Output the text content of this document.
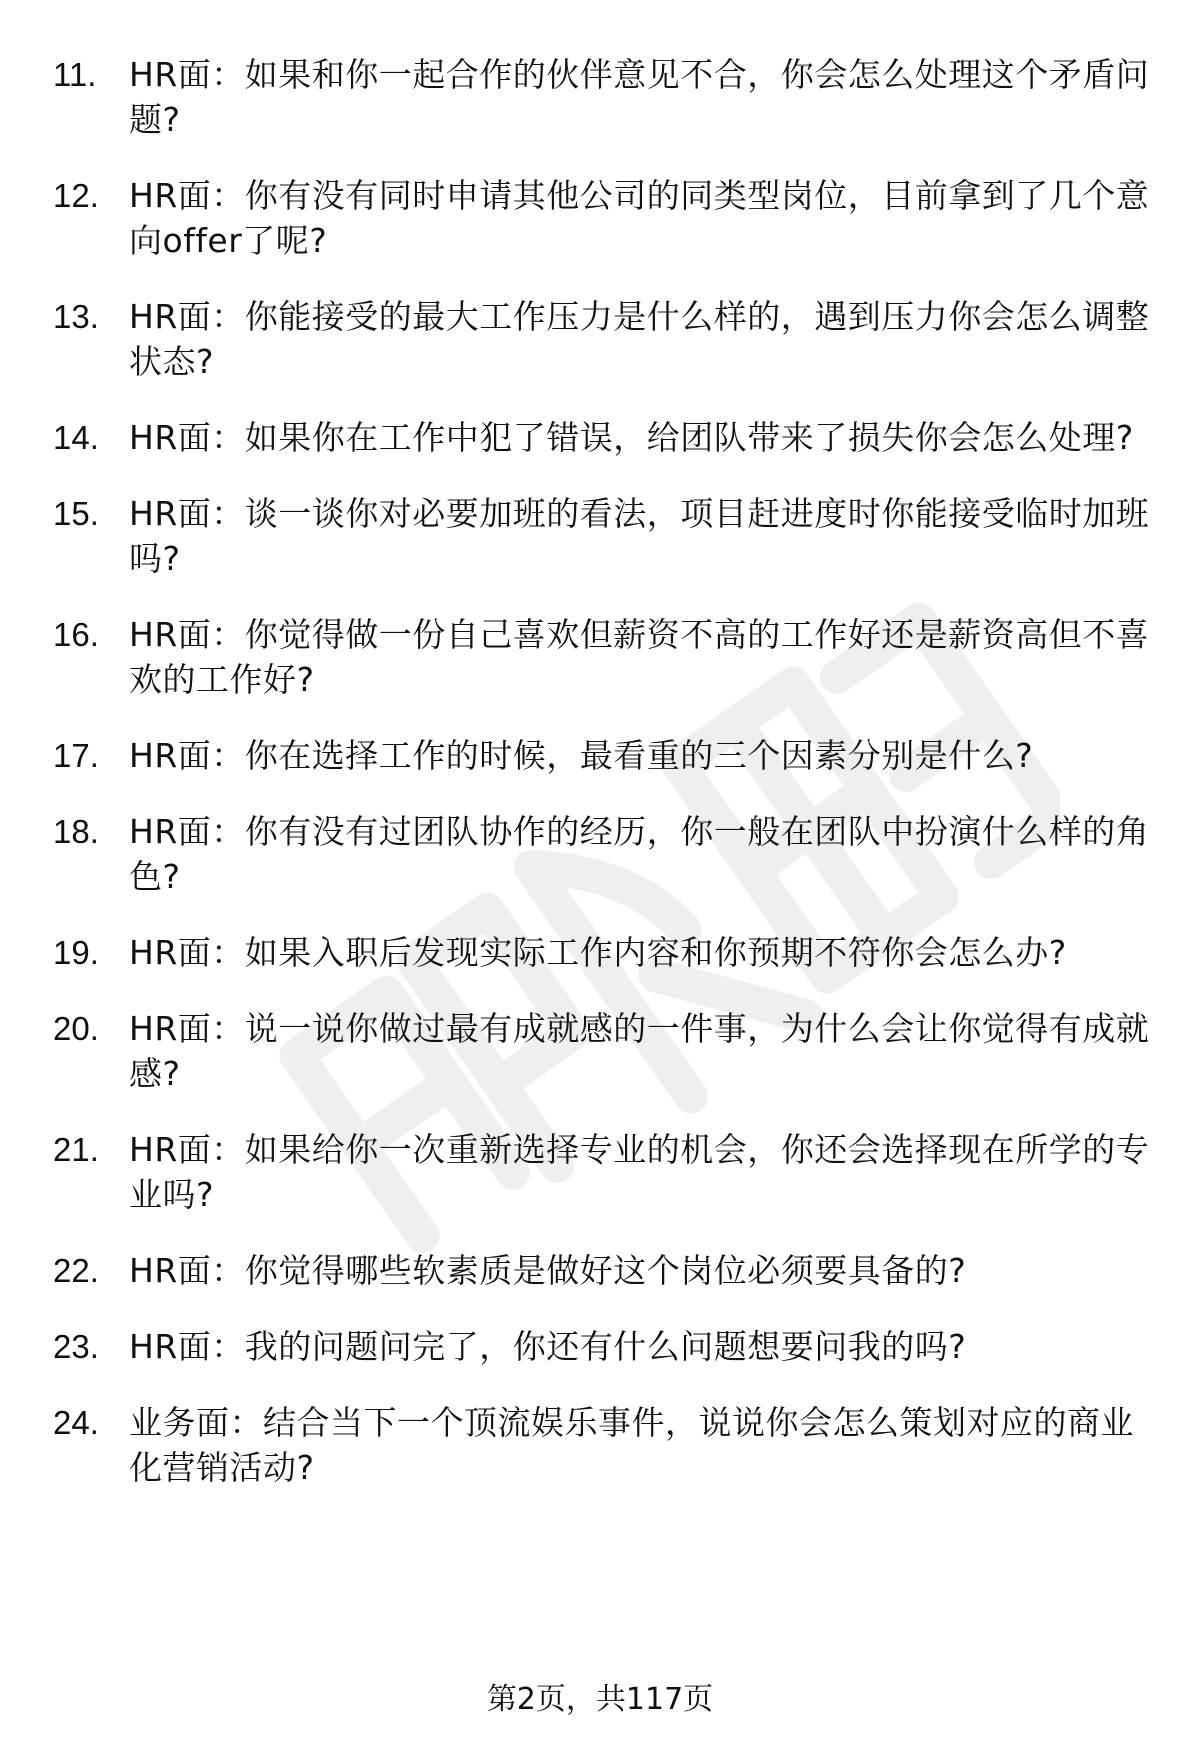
11. HR面：如果和你一起合作的伙伴意见不合，你会怎么处理这个矛盾问题?
12. HR面：你有没有同时申请其他公司的同类型岗位，目前拿到了几个意向offer了呢?
13. HR面：你能接受的最大工作压力是什么样的，遇到压力你会怎么调整状态?
14. HR面：如果你在工作中犯了错误，给团队带来了损失你会怎么处理?
15. HR面：谈一谈你对必要加班的看法，项目赶进度时你能接受临时加班吗?
16. HR面：你觉得做一份自己喜欢但薪资不高的工作好还是薪资高但不喜欢的工作好?
17. HR面：你在选择工作的时候，最看重的三个因素分别是什么?
18. HR面：你有没有过团队协作的经历，你一般在团队中扮演什么样的角色?
19. HR面：如果入职后发现实际工作内容和你预期不符你会怎么办?
20. HR面：说一说你做过最有成就感的一件事，为什么会让你觉得有成就感?
21. HR面：如果给你一次重新选择专业的机会，你还会选择现在所学的专业吗?
22. HR面：你觉得哪些软素质是做好这个岗位必须要具备的?
23. HR面：我的问题问完了，你还有什么问题想要问我的吗?
24. 业务面：结合当下一个顶流娱乐事件，说说你会怎么策划对应的商业化营销活动?
第2页，共117页
